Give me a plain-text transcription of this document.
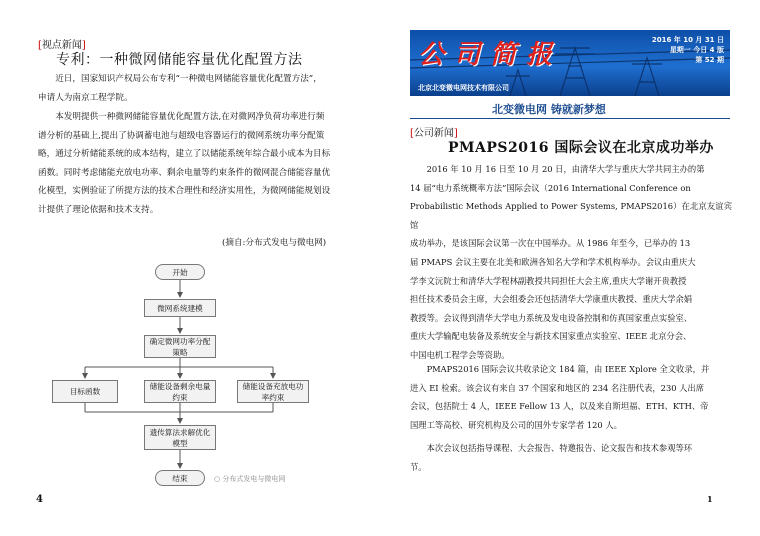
[视点新闻]
专利：一种微网储能容量优化配置方法
近日，国家知识产权局公布专利“一种微电网储能容量优化配置方法”，
申请人为南京工程学院。
本发明提供一种微网储能容量优化配置方法,在对微网净负荷功率进行频
谱分析的基础上,提出了协调蓄电池与超级电容器运行的微网系统功率分配策
略，通过分析储能系统的成本结构，建立了以储能系统年综合最小成本为目标
函数。同时考虑储能充放电功率、剩余电量等约束条件的微网混合储能容量优
化模型，实例验证了所提方法的技术合理性和经济实用性，为微网储能规划设
计提供了理论依据和技术支持。
(摘自:分布式发电与微电网)
开始
微网系统建模
确定微网功率分配
策略
目标函数
储能设备剩余电量
约束
储能设备充放电功
率约束
遗传算法求解优化
模型
结束	○ 分布式发电与微电网
4
公司简报	2016 年 10 月 31 日
星期一 今日 4 版
第 52 期
北京北变微电网技术有限公司
北变微电网 铸就新梦想
[公司新闻]
PMAPS2016 国际会议在北京成功举办
2016 年 10 月 16 日至 10 月 20 日，由清华大学与重庆大学共同主办的第
14 届“电力系统概率方法”国际会议（2016 International Conference on
Probabilistic Methods Applied to Power Systems, PMAPS2016）在北京友谊宾馆
成功举办，是该国际会议第一次在中国举办。从 1986 年至今，已举办的 13
届 PMAPS 会议主要在北美和欧洲各知名大学和学术机构举办。会议由重庆大
学李文沅院士和清华大学程林副教授共同担任大会主席,重庆大学谢开贵教授
担任技术委员会主席，大会组委会还包括清华大学康重庆教授、重庆大学余娟
教授等。会议得到清华大学电力系统及发电设备控制和仿真国家重点实验室、
重庆大学输配电装备及系统安全与新技术国家重点实验室、IEEE 北京分会、
中国电机工程学会等资助。
PMAPS2016 国际会议共收录论文 184 篇，由 IEEE Xplore 全文收录，并
进入 EI 检索。该会议有来自 37 个国家和地区的 234 名注册代表，230 人出席
会议，包括院士 4 人，IEEE Fellow 13 人，以及来自斯坦福、ETH、KTH、帝
国理工等高校、研究机构及公司的国外专家学者 120 人。
本次会议包括指导课程、大会报告、特邀报告、论文报告和技术参观等环
节。
1
